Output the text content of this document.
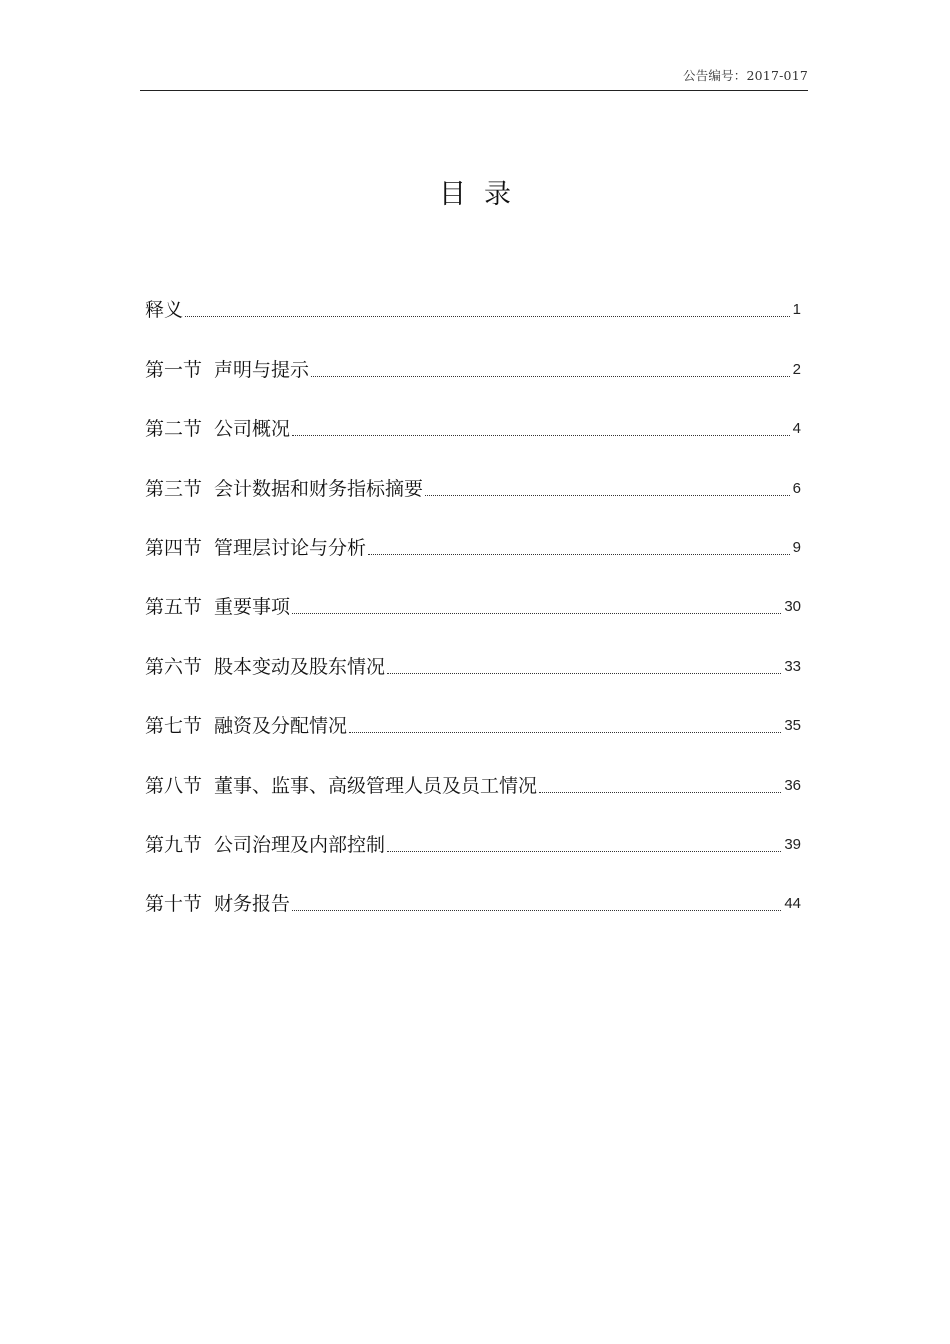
公告编号：2017-017
目录
释义	1
第一节 声明与提示	2
第二节 公司概况	4
第三节 会计数据和财务指标摘要	6
第四节 管理层讨论与分析	9
第五节 重要事项	30
第六节 股本变动及股东情况	33
第七节 融资及分配情况	35
第八节 董事、监事、高级管理人员及员工情况	36
第九节 公司治理及内部控制	39
第十节 财务报告	44
